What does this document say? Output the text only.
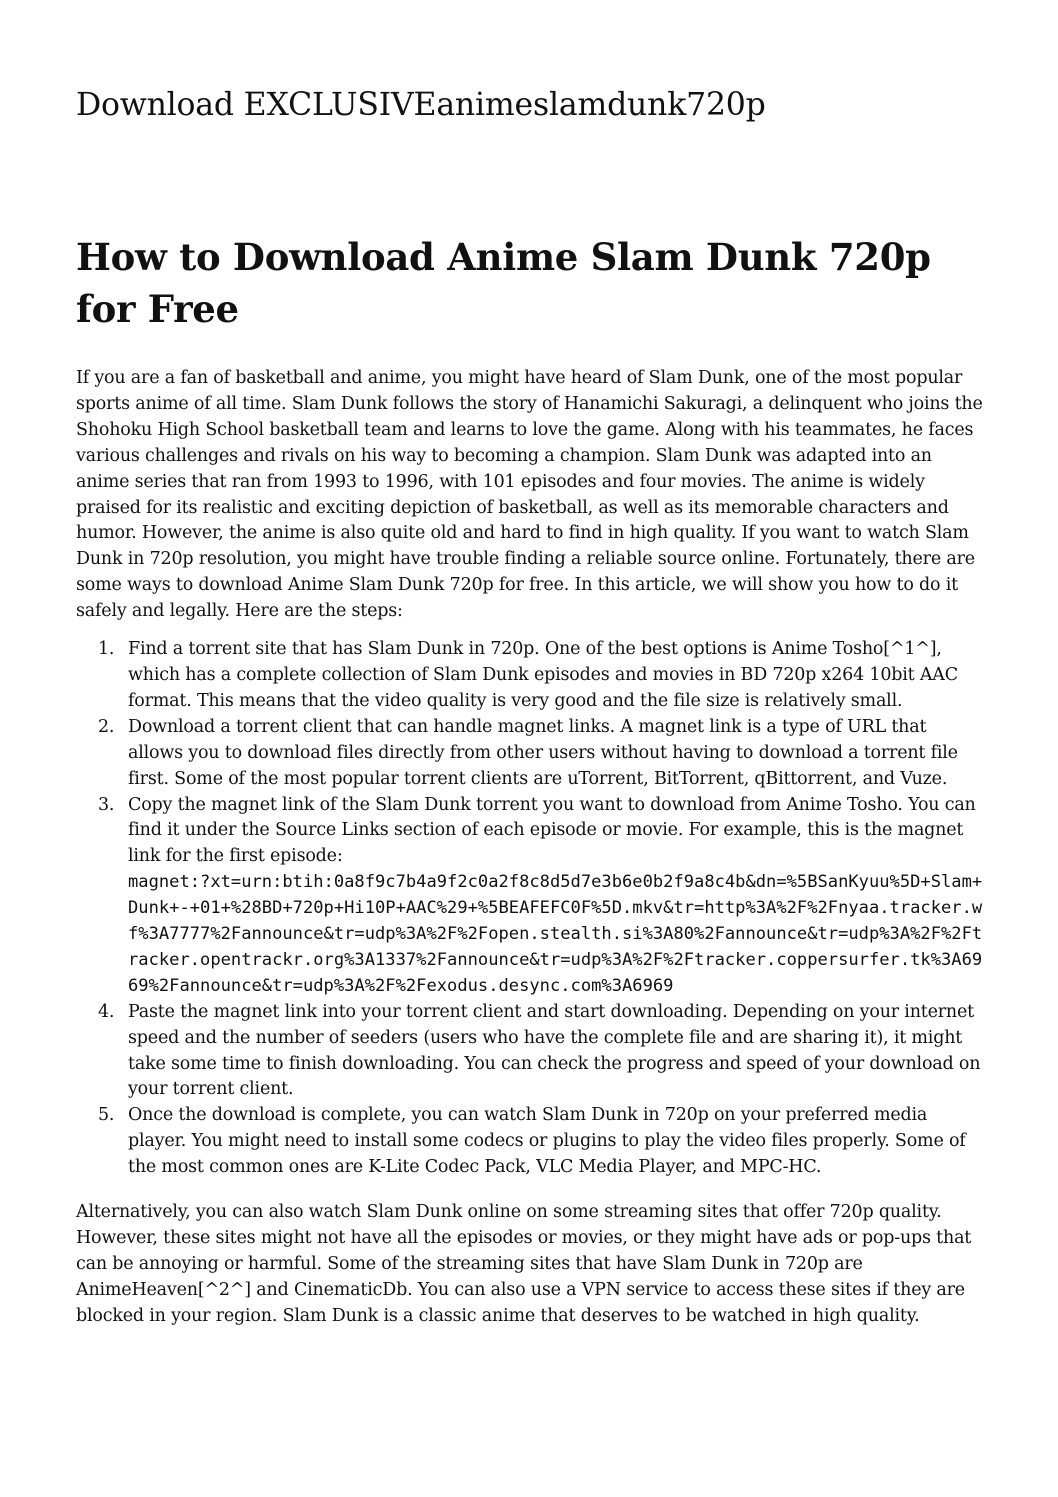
Download EXCLUSIVEanimeslamdunk720p
How to Download Anime Slam Dunk 720p for Free

If you are a fan of basketball and anime, you might have heard of Slam Dunk, one of the most popular sports anime of all time. Slam Dunk follows the story of Hanamichi Sakuragi, a delinquent who joins the Shohoku High School basketball team and learns to love the game. Along with his teammates, he faces various challenges and rivals on his way to becoming a champion. Slam Dunk was adapted into an anime series that ran from 1993 to 1996, with 101 episodes and four movies. The anime is widely praised for its realistic and exciting depiction of basketball, as well as its memorable characters and humor. However, the anime is also quite old and hard to find in high quality. If you want to watch Slam Dunk in 720p resolution, you might have trouble finding a reliable source online. Fortunately, there are some ways to download Anime Slam Dunk 720p for free. In this article, we will show you how to do it safely and legally. Here are the steps:

1. Find a torrent site that has Slam Dunk in 720p. One of the best options is Anime Tosho[^1^], which has a complete collection of Slam Dunk episodes and movies in BD 720p x264 10bit AAC format. This means that the video quality is very good and the file size is relatively small.
2. Download a torrent client that can handle magnet links. A magnet link is a type of URL that allows you to download files directly from other users without having to download a torrent file first. Some of the most popular torrent clients are uTorrent, BitTorrent, qBittorrent, and Vuze.
3. Copy the magnet link of the Slam Dunk torrent you want to download from Anime Tosho. You can find it under the Source Links section of each episode or movie. For example, this is the magnet link for the first episode:
magnet:?xt=urn:btih:0a8f9c7b4a9f2c0a2f8c8d5d7e3b6e0b2f9a8c4b&dn=%5BSanKyuu%5D+Slam+Dunk+-+01+%28BD+720p+Hi10P+AAC%29+%5BEAFEFC0F%5D.mkv&tr=http%3A%2F%2Fnyaa.tracker.wf%3A7777%2Fannounce&tr=udp%3A%2F%2Fopen.stealth.si%3A80%2Fannounce&tr=udp%3A%2F%2Ftracker.opentrackr.org%3A1337%2Fannounce&tr=udp%3A%2F%2Ftracker.coppersurfer.tk%3A6969%2Fannounce&tr=udp%3A%2F%2Fexodus.desync.com%3A6969
4. Paste the magnet link into your torrent client and start downloading. Depending on your internet speed and the number of seeders (users who have the complete file and are sharing it), it might take some time to finish downloading. You can check the progress and speed of your download on your torrent client.
5. Once the download is complete, you can watch Slam Dunk in 720p on your preferred media player. You might need to install some codecs or plugins to play the video files properly. Some of the most common ones are K-Lite Codec Pack, VLC Media Player, and MPC-HC.

Alternatively, you can also watch Slam Dunk online on some streaming sites that offer 720p quality. However, these sites might not have all the episodes or movies, or they might have ads or pop-ups that can be annoying or harmful. Some of the streaming sites that have Slam Dunk in 720p are AnimeHeaven[^2^] and CinematicDb. You can also use a VPN service to access these sites if they are blocked in your region. Slam Dunk is a classic anime that deserves to be watched in high quality.
